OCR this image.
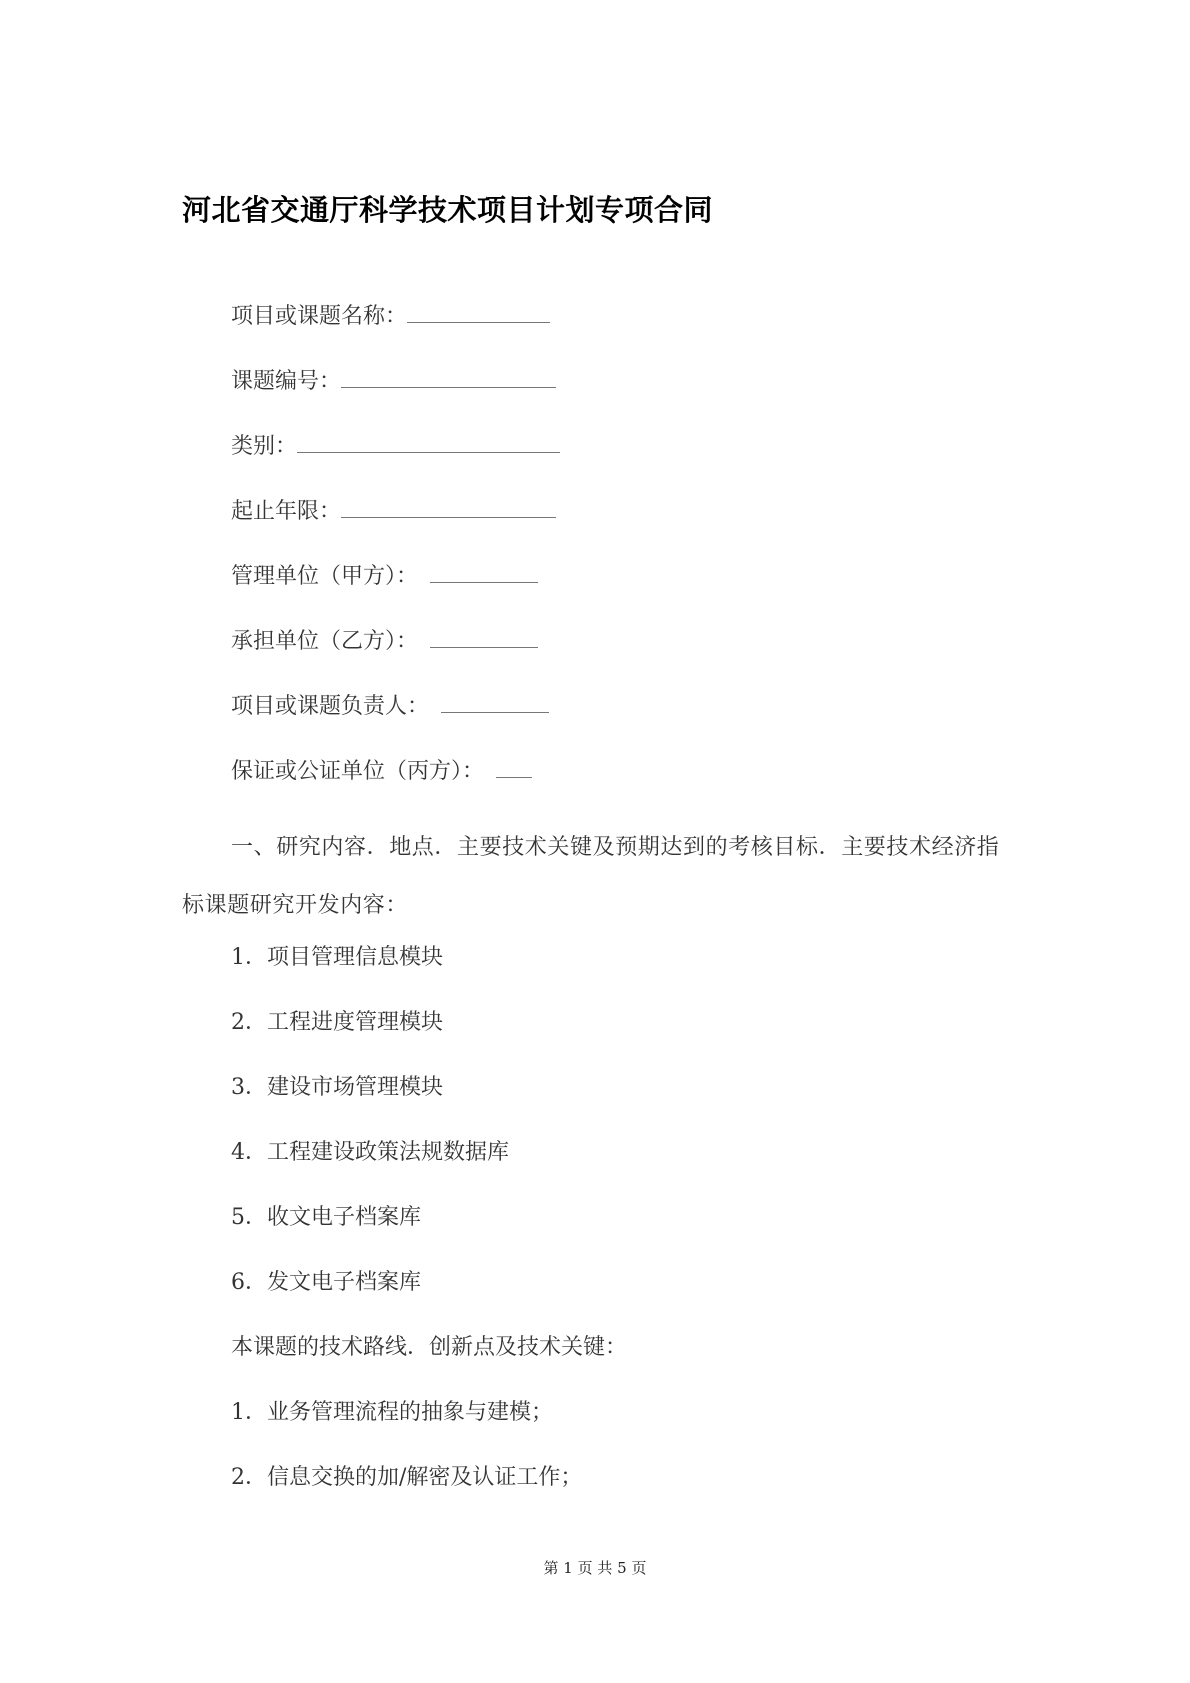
河北省交通厅科学技术项目计划专项合同
项目或课题名称：
课题编号：
类别：
起止年限：
管理单位（甲方）：
承担单位（乙方）：
项目或课题负责人：
保证或公证单位（丙方）：
一、研究内容．地点．主要技术关键及预期达到的考核目标．主要技术经济指标课题研究开发内容：
1．项目管理信息模块
2．工程进度管理模块
3．建设市场管理模块
4．工程建设政策法规数据库
5．收文电子档案库
6．发文电子档案库
本课题的技术路线．创新点及技术关键：
1．业务管理流程的抽象与建模；
2．信息交换的加/解密及认证工作；
第 1 页 共 5 页
